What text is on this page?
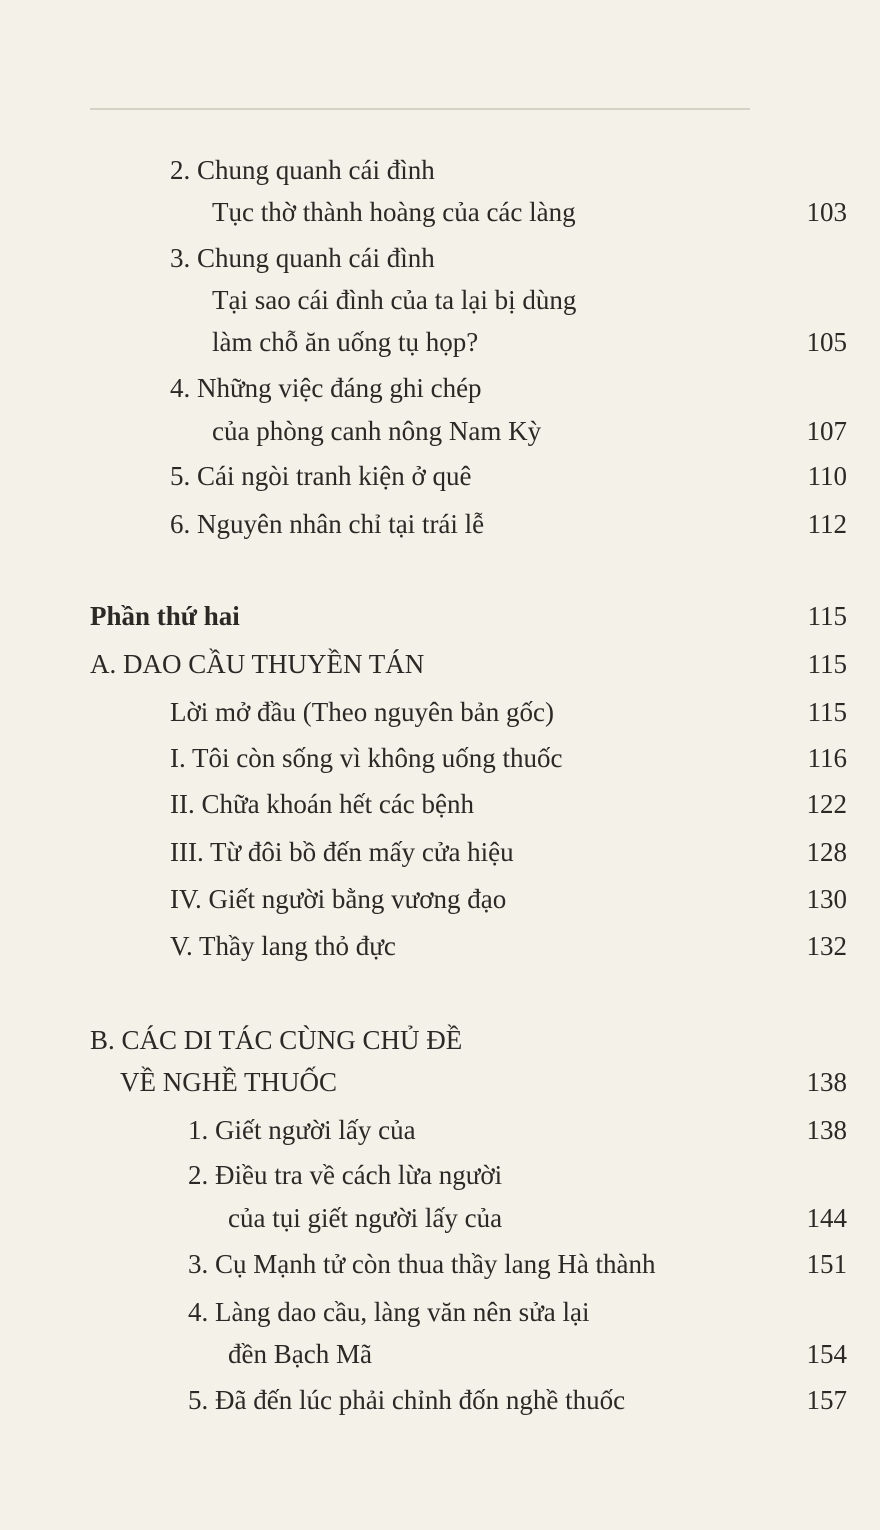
2. Chung quanh cái đình
Tục thờ thành hoàng của các làng	103
3. Chung quanh cái đình
Tại sao cái đình của ta lại bị dùng
làm chỗ ăn uống tụ họp?	105
4. Những việc đáng ghi chép
của phòng canh nông Nam Kỳ	107
5. Cái ngòi tranh kiện ở quê	110
6. Nguyên nhân chỉ tại trái lễ	112
Phần thứ hai	115
A. DAO CẦU THUYỀN TÁN	115
Lời mở đầu (Theo nguyên bản gốc)	115
I. Tôi còn sống vì không uống thuốc	116
II. Chữa khoán hết các bệnh	122
III. Từ đôi bồ đến mấy cửa hiệu	128
IV. Giết người bằng vương đạo	130
V. Thầy lang thỏ đực	132
B. CÁC DI TÁC CÙNG CHỦ ĐỀ
VỀ NGHỀ THUỐC	138
1. Giết người lấy của	138
2. Điều tra về cách lừa người
của tụi giết người lấy của	144
3. Cụ Mạnh tử còn thua thầy lang Hà thành	151
4. Làng dao cầu, làng văn nên sửa lại
đền Bạch Mã	154
5. Đã đến lúc phải chỉnh đốn nghề thuốc	157
